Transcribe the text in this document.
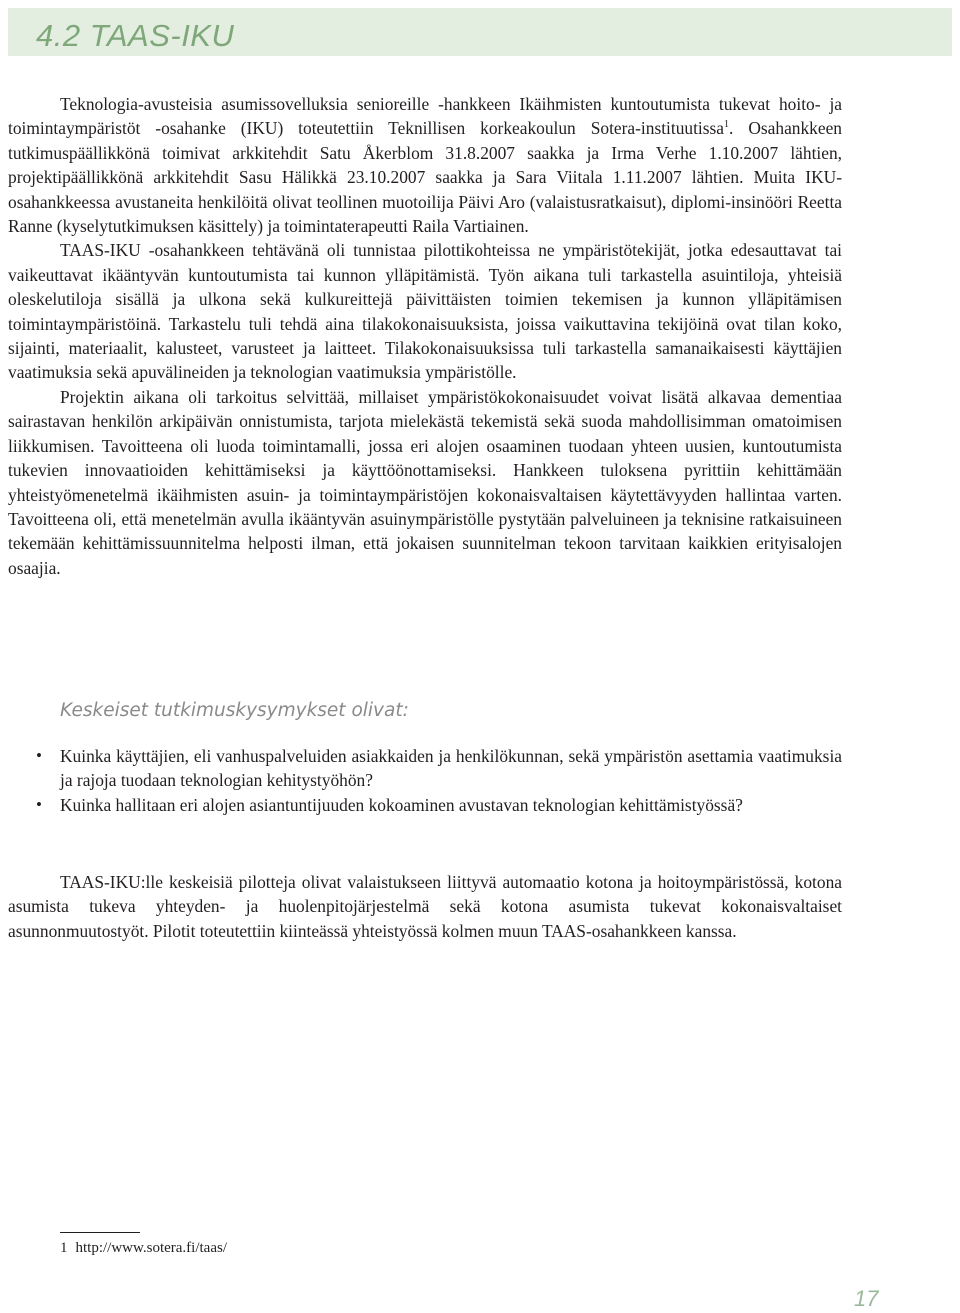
4.2 TAAS-IKU

Teknologia-avusteisia asumissovelluksia senioreille -hankkeen Ikäihmisten kuntoutumista tukevat hoito- ja toimintaympäristöt -osahanke (IKU) toteutettiin Teknillisen korkeakoulun Sotera-instituutissa$^1$. Osahankkeen tutkimuspäällikkönä toimivat arkkitehdit Satu Åkerblom 31.8.2007 saakka ja Irma Verhe 1.10.2007 lähtien, projektipäällikkönä arkkitehdit Sasu Hälikkä 23.10.2007 saakka ja Sara Viitala 1.11.2007 lähtien. Muita IKU-osahankkeessa avustaneita henkilöitä olivat teollinen muotoilija Päivi Aro (valaistusratkaisut), diplomi-insinööri Reetta Ranne (kyselytutkimuksen käsittely) ja toimintaterapeutti Raila Vartiainen.

TAAS-IKU -osahankkeen tehtävänä oli tunnistaa pilottikohteissa ne ympäristötekijät, jotka edesauttavat tai vaikeuttavat ikääntyvän kuntoutumista tai kunnon ylläpitämistä. Työn aikana tuli tarkastella asuintiloja, yhteisiä oleskelutiloja sisällä ja ulkona sekä kulkureittejä päivittäisten toimien tekemisen ja kunnon ylläpitämisen toimintaympäristöinä. Tarkastelu tuli tehdä aina tilakokonaisuuksista, joissa vaikuttavina tekijöinä ovat tilan koko, sijainti, materiaalit, kalusteet, varusteet ja laitteet. Tilakokonaisuuksissa tuli tarkastella samanaikaisesti käyttäjien vaatimuksia sekä apuvälineiden ja teknologian vaatimuksia ympäristölle.

Projektin aikana oli tarkoitus selvittää, millaiset ympäristökokonaisuudet voivat lisätä alkavaa dementiaa sairastavan henkilön arkipäivän onnistumista, tarjota mielekästä tekemistä sekä suoda mahdollisimman omatoimisen liikkumisen. Tavoitteena oli luoda toimintamalli, jossa eri alojen osaaminen tuodaan yhteen uusien, kuntoutumista tukevien innovaatioiden kehittämiseksi ja käyttöönottamiseksi. Hankkeen tuloksena pyrittiin kehittämään yhteistyömenetelmä ikäihmisten asuin- ja toimintaympäristöjen kokonaisvaltaisen käytettävyyden hallintaa varten. Tavoitteena oli, että menetelmän avulla ikääntyvän asuinympäristölle pystytään palveluineen ja teknisine ratkaisuineen tekemään kehittämissuunnitelma helposti ilman, että jokaisen suunnitelman tekoon tarvitaan kaikkien erityisalojen osaajia.

Keskeiset tutkimuskysymykset olivat:
• Kuinka käyttäjien, eli vanhuspalveluiden asiakkaiden ja henkilökunnan, sekä ympäristön asettamia vaatimuksia ja rajoja tuodaan teknologian kehitystyöhön?
• Kuinka hallitaan eri alojen asiantuntijuuden kokoaminen avustavan teknologian kehittämistyössä?

TAAS-IKU:lle keskeisiä pilotteja olivat valaistukseen liittyvä automaatio kotona ja hoitoympäristössä, kotona asumista tukeva yhteyden- ja huolenpitojärjestelmä sekä kotona asumista tukevat kokonaisvaltaiset asunnonmuutostyöt. Pilotit toteutettiin kiinteässä yhteistyössä kolmen muun TAAS-osahankkeen kanssa.

1 http://www.sotera.fi/taas/

17
